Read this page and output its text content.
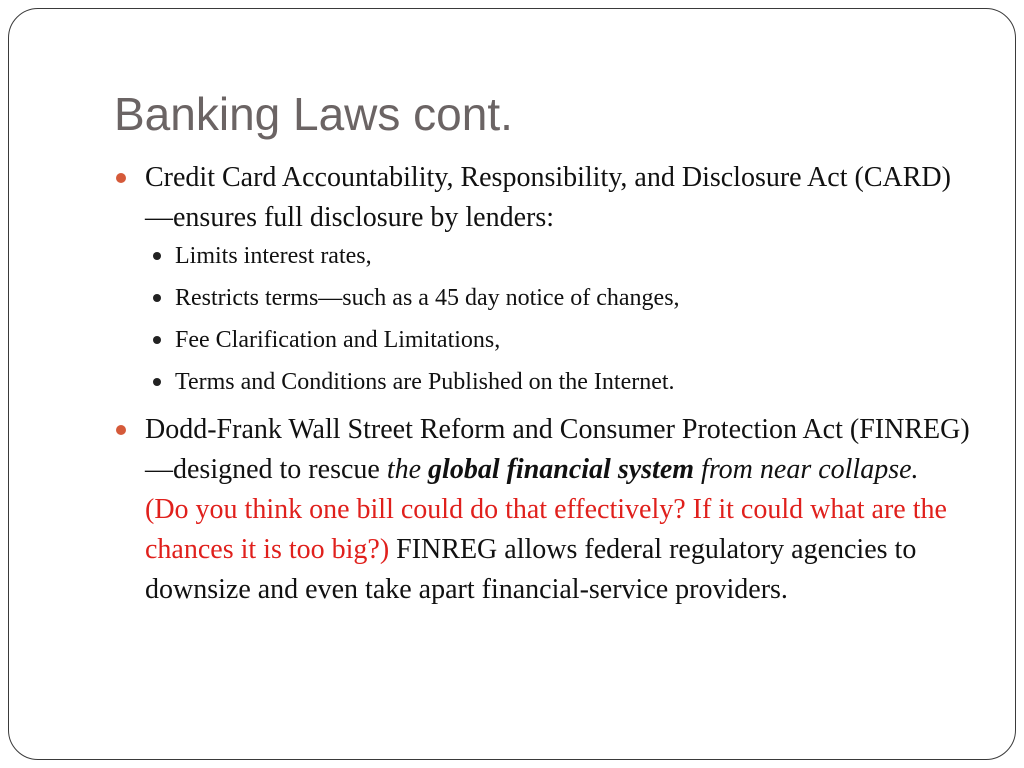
Banking Laws cont.
Credit Card Accountability, Responsibility, and Disclosure Act (CARD)—ensures full disclosure by lenders:
Limits interest rates,
Restricts terms—such as a 45 day notice of changes,
Fee Clarification and Limitations,
Terms and Conditions are Published on the Internet.
Dodd-Frank Wall Street Reform and Consumer Protection Act (FINREG)—designed to rescue the global financial system from near collapse.  (Do you think one bill could do that effectively? If it could what are the chances it is too big?) FINREG allows federal regulatory agencies to downsize and even take apart financial-service providers.
